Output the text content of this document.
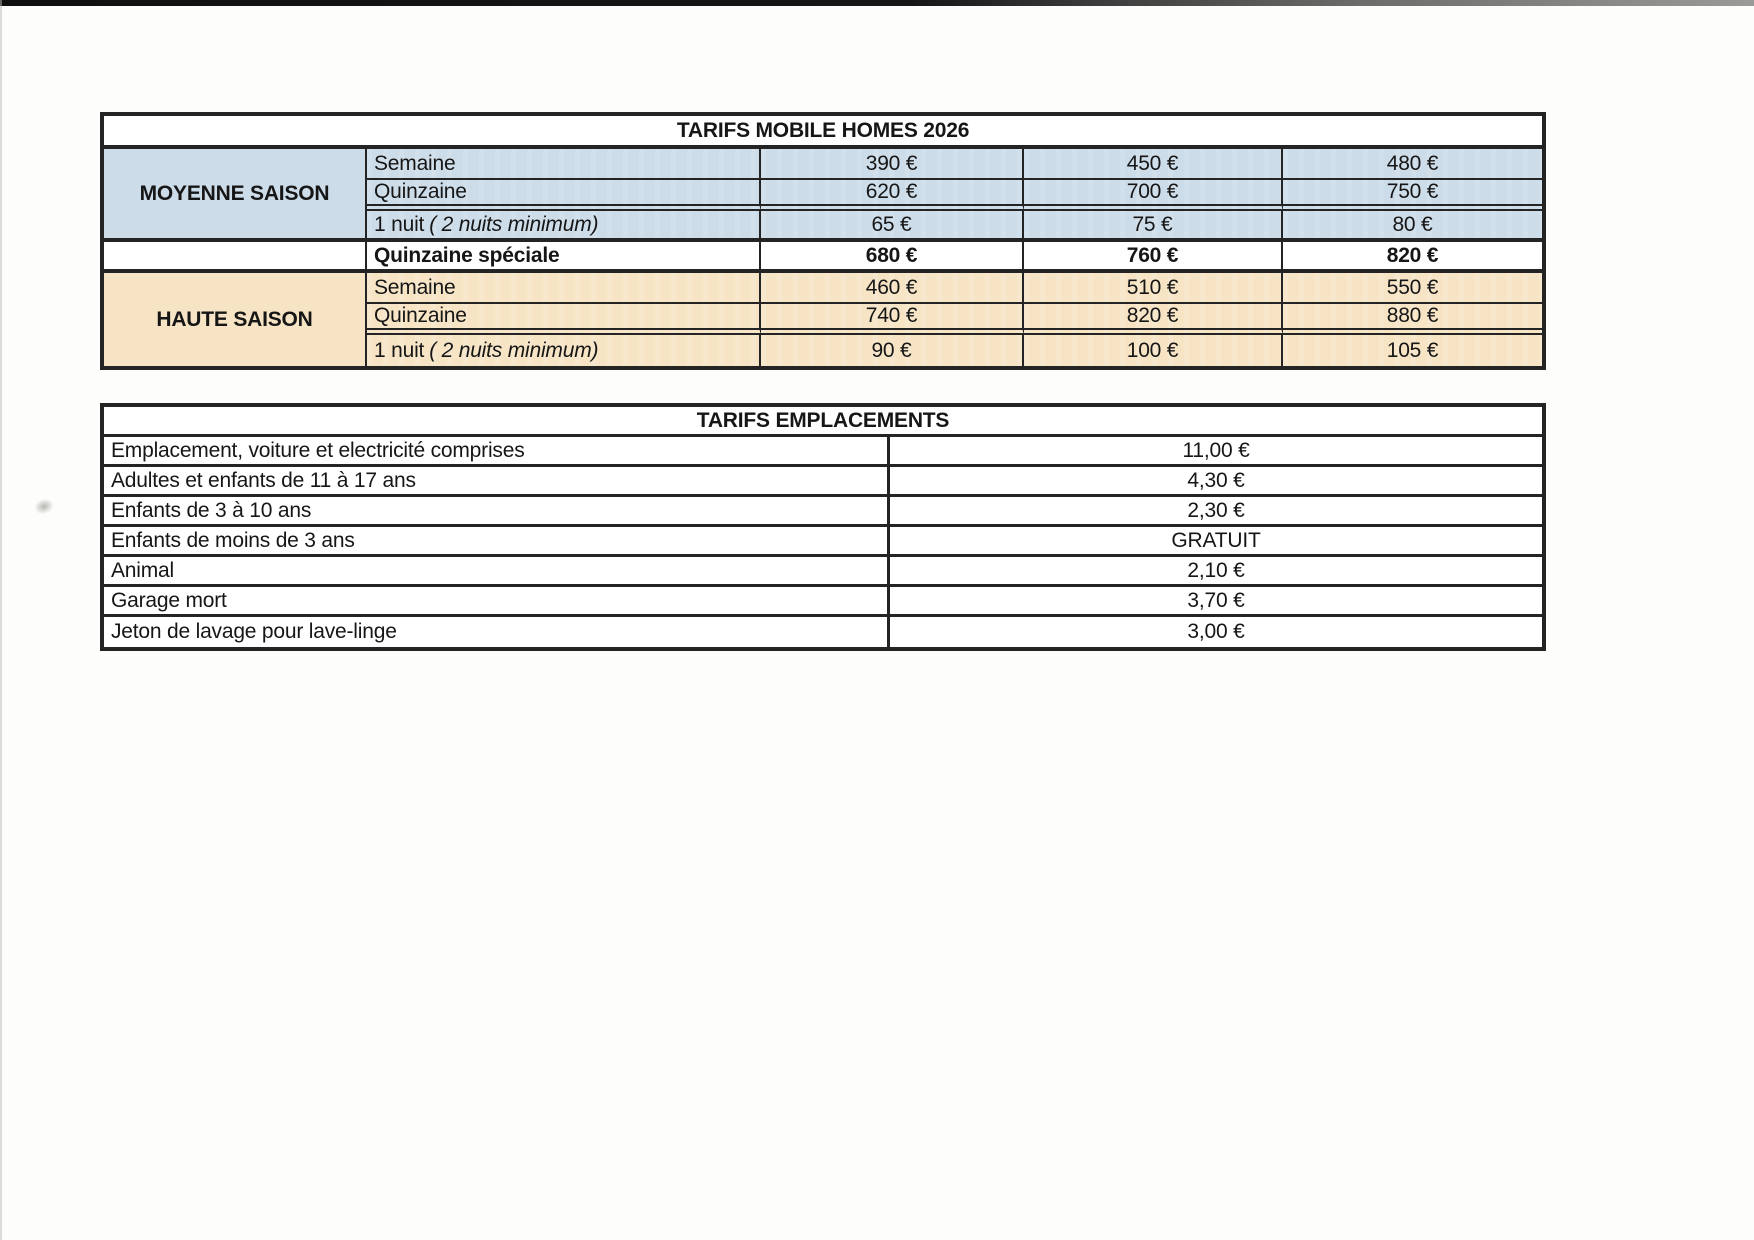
TARIFS MOBILE HOMES 2026
MOYENNE SAISON
Semaine	390 €	450 €	480 €
Quinzaine	620 €	700 €	750 €
1 nuit ( 2 nuits minimum)	65 €	75 €	80 €
Quinzaine spéciale	680 €	760 €	820 €
HAUTE SAISON
Semaine	460 €	510 €	550 €
Quinzaine	740 €	820 €	880 €
1 nuit ( 2 nuits minimum)	90 €	100 €	105 €
TARIFS EMPLACEMENTS
Emplacement, voiture et electricité comprises	11,00 €
Adultes et enfants de 11 à 17 ans	4,30 €
Enfants de 3 à 10 ans	2,30 €
Enfants de moins de 3 ans	GRATUIT
Animal	2,10 €
Garage mort	3,70 €
Jeton de lavage pour lave-linge	3,00 €
